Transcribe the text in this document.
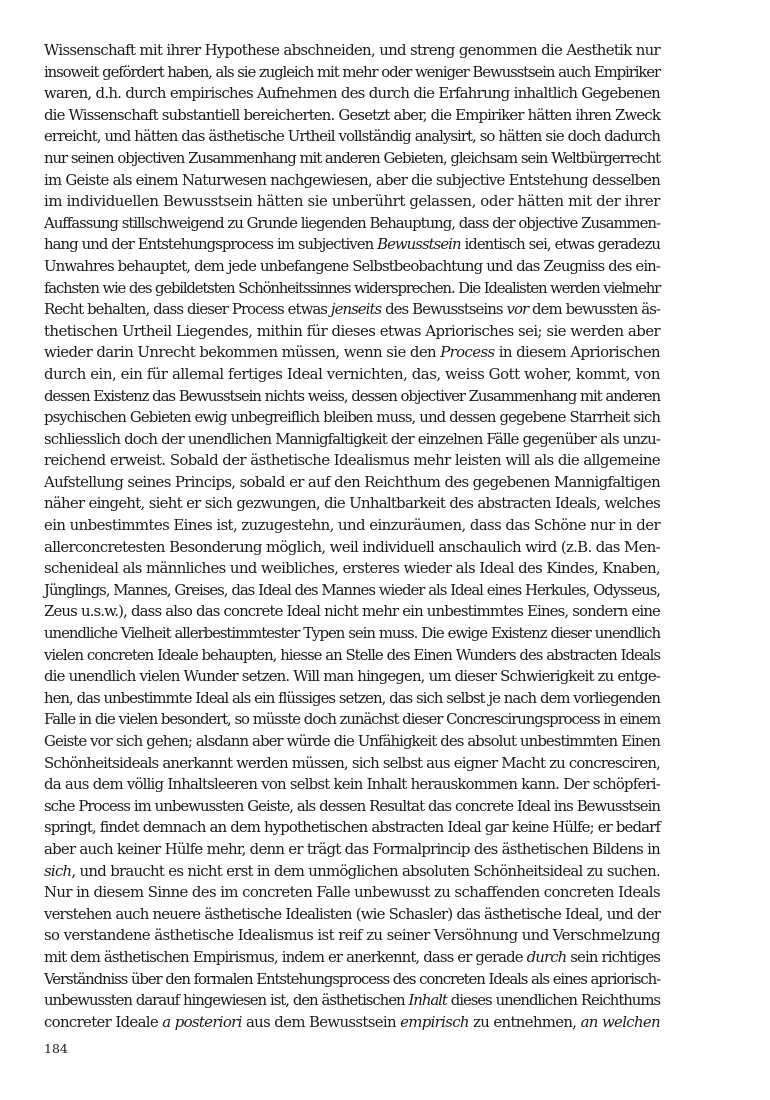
Wissenschaft mit ihrer Hypothese abschneiden, und streng genommen die Aesthetik nur
insoweit gefördert haben, als sie zugleich mit mehr oder weniger Bewusstsein auch Empiriker
waren, d.h. durch empirisches Aufnehmen des durch die Erfahrung inhaltlich Gegebenen
die Wissenschaft substantiell bereicherten. Gesetzt aber, die Empiriker hätten ihren Zweck
erreicht, und hätten das ästhetische Urtheil vollständig analysirt, so hätten sie doch dadurch
nur seinen objectiven Zusammenhang mit anderen Gebieten, gleichsam sein Weltbürgerrecht
im Geiste als einem Naturwesen nachgewiesen, aber die subjective Entstehung desselben
im individuellen Bewusstsein hätten sie unberührt gelassen, oder hätten mit der ihrer
Auffassung stillschweigend zu Grunde liegenden Behauptung, dass der objective Zusammen-
hang und der Entstehungsprocess im subjectiven Bewusstsein identisch sei, etwas geradezu
Unwahres behauptet, dem jede unbefangene Selbstbeobachtung und das Zeugniss des ein-
fachsten wie des gebildetsten Schönheitssinnes widersprechen. Die Idealisten werden vielmehr
Recht behalten, dass dieser Process etwas jenseits des Bewusstseins vor dem bewussten äs-
thetischen Urtheil Liegendes, mithin für dieses etwas Apriorisches sei; sie werden aber
wieder darin Unrecht bekommen müssen, wenn sie den Process in diesem Apriorischen
durch ein, ein für allemal fertiges Ideal vernichten, das, weiss Gott woher, kommt, von
dessen Existenz das Bewusstsein nichts weiss, dessen objectiver Zusammenhang mit anderen
psychischen Gebieten ewig unbegreiflich bleiben muss, und dessen gegebene Starrheit sich
schliesslich doch der unendlichen Mannigfaltigkeit der einzelnen Fälle gegenüber als unzu-
reichend erweist. Sobald der ästhetische Idealismus mehr leisten will als die allgemeine
Aufstellung seines Princips, sobald er auf den Reichthum des gegebenen Mannigfaltigen
näher eingeht, sieht er sich gezwungen, die Unhaltbarkeit des abstracten Ideals, welches
ein unbestimmtes Eines ist, zuzugestehn, und einzuräumen, dass das Schöne nur in der
allerconcretesten Besonderung möglich, weil individuell anschaulich wird (z.B. das Men-
schenideal als männliches und weibliches, ersteres wieder als Ideal des Kindes, Knaben,
Jünglings, Mannes, Greises, das Ideal des Mannes wieder als Ideal eines Herkules, Odysseus,
Zeus u.s.w.), dass also das concrete Ideal nicht mehr ein unbestimmtes Eines, sondern eine
unendliche Vielheit allerbestimmtester Typen sein muss. Die ewige Existenz dieser unendlich
vielen concreten Ideale behaupten, hiesse an Stelle des Einen Wunders des abstracten Ideals
die unendlich vielen Wunder setzen. Will man hingegen, um dieser Schwierigkeit zu entge-
hen, das unbestimmte Ideal als ein flüssiges setzen, das sich selbst je nach dem vorliegenden
Falle in die vielen besondert, so müsste doch zunächst dieser Concrescirungsprocess in einem
Geiste vor sich gehen; alsdann aber würde die Unfähigkeit des absolut unbestimmten Einen
Schönheitsideals anerkannt werden müssen, sich selbst aus eigner Macht zu concresciren,
da aus dem völlig Inhaltsleeren von selbst kein Inhalt herauskommen kann. Der schöpferi-
sche Process im unbewussten Geiste, als dessen Resultat das concrete Ideal ins Bewusstsein
springt, findet demnach an dem hypothetischen abstracten Ideal gar keine Hülfe; er bedarf
aber auch keiner Hülfe mehr, denn er trägt das Formalprincip des ästhetischen Bildens in
sich, und braucht es nicht erst in dem unmöglichen absoluten Schönheitsideal zu suchen.
Nur in diesem Sinne des im concreten Falle unbewusst zu schaffenden concreten Ideals
verstehen auch neuere ästhetische Idealisten (wie Schasler) das ästhetische Ideal, und der
so verstandene ästhetische Idealismus ist reif zu seiner Versöhnung und Verschmelzung
mit dem ästhetischen Empirismus, indem er anerkennt, dass er gerade durch sein richtiges
Verständniss über den formalen Entstehungsprocess des concreten Ideals als eines apriorisch-
unbewussten darauf hingewiesen ist, den ästhetischen Inhalt dieses unendlichen Reichthums
concreter Ideale a posteriori aus dem Bewusstsein empirisch zu entnehmen, an welchen
184
